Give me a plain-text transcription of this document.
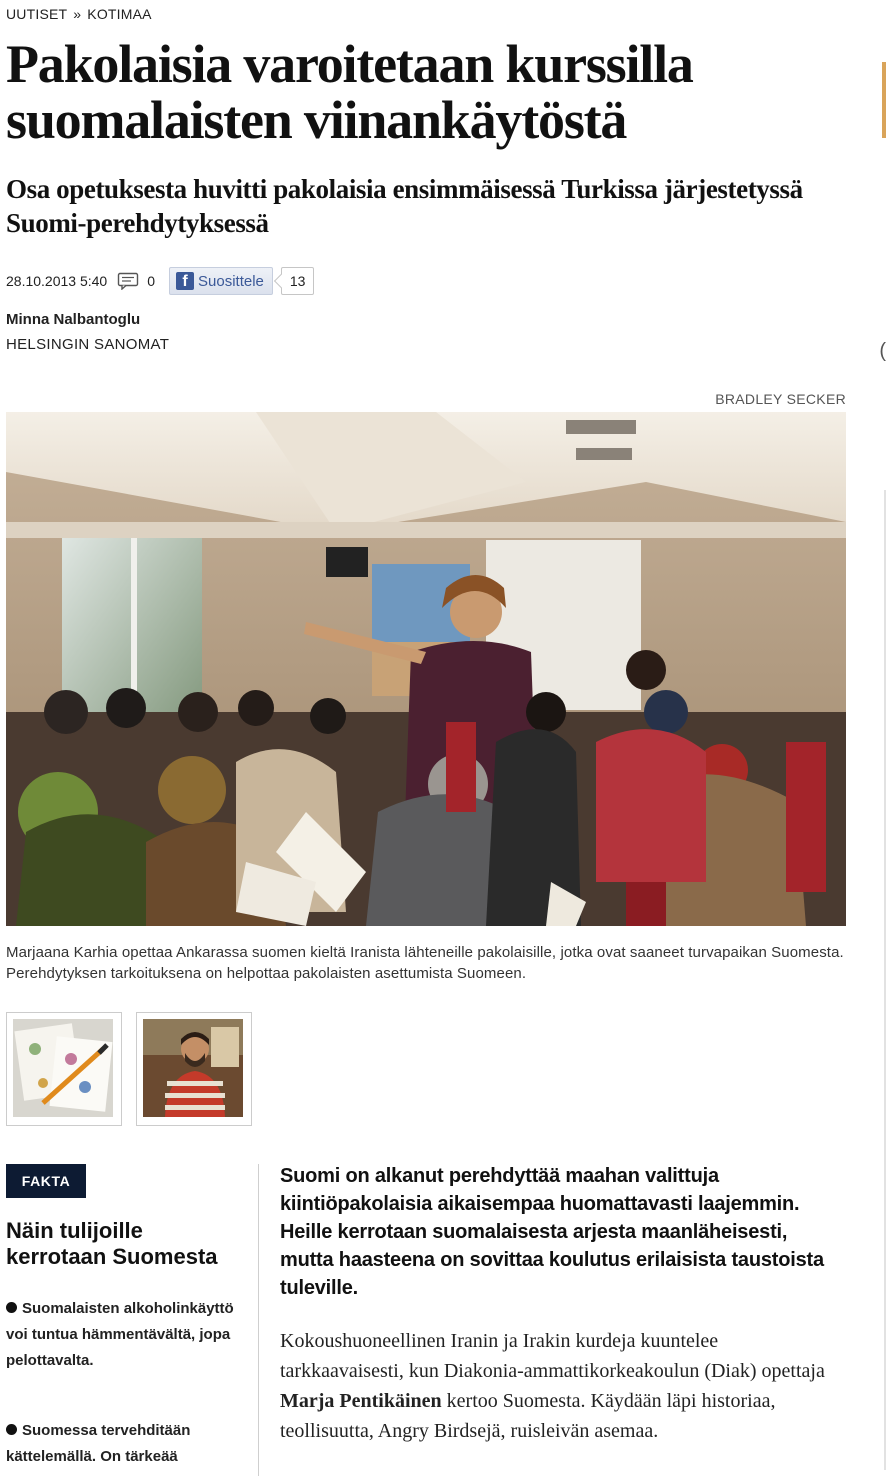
UUTISET » KOTIMAA
Pakolaisia varoitetaan kurssilla suomalaisten viinankäytöstä
Osa opetuksesta huvitti pakolaisia ensimmäisessä Turkissa järjestetyssä Suomi-perehdytyksessä
28.10.2013 5:40	0	f Suosittele	13
Minna Nalbantoglu
HELSINGIN SANOMAT
BRADLEY SECKER
Marjaana Karhia opettaa Ankarassa suomen kieltä Iranista lähteneille pakolaisille, jotka ovat saaneet turvapaikan Suomesta. Perehdytyksen tarkoituksena on helpottaa pakolaisten asettumista Suomeen.
FAKTA
Näin tulijoille kerrotaan Suomesta
Suomalaisten alkoholinkäyttö voi tuntua hämmentävältä, jopa pelottavalta.
Suomessa tervehditään kättelemällä. On tärkeää

Suomi on alkanut perehdyttää maahan valittuja kiintiöpakolaisia aikaisempaa huomattavasti laajemmin. Heille kerrotaan suomalaisesta arjesta maanläheisesti, mutta haasteena on sovittaa koulutus erilaisista taustoista tuleville.

Kokoushuoneellinen Iranin ja Irakin kurdeja kuuntelee tarkkaavaisesti, kun Diakonia-ammattikorkeakoulun (Diak) opettaja Marja Pentikäinen kertoo Suomesta. Käydään läpi historiaa, teollisuutta, Angry Birdsejä, ruisleivän asemaa.

(
